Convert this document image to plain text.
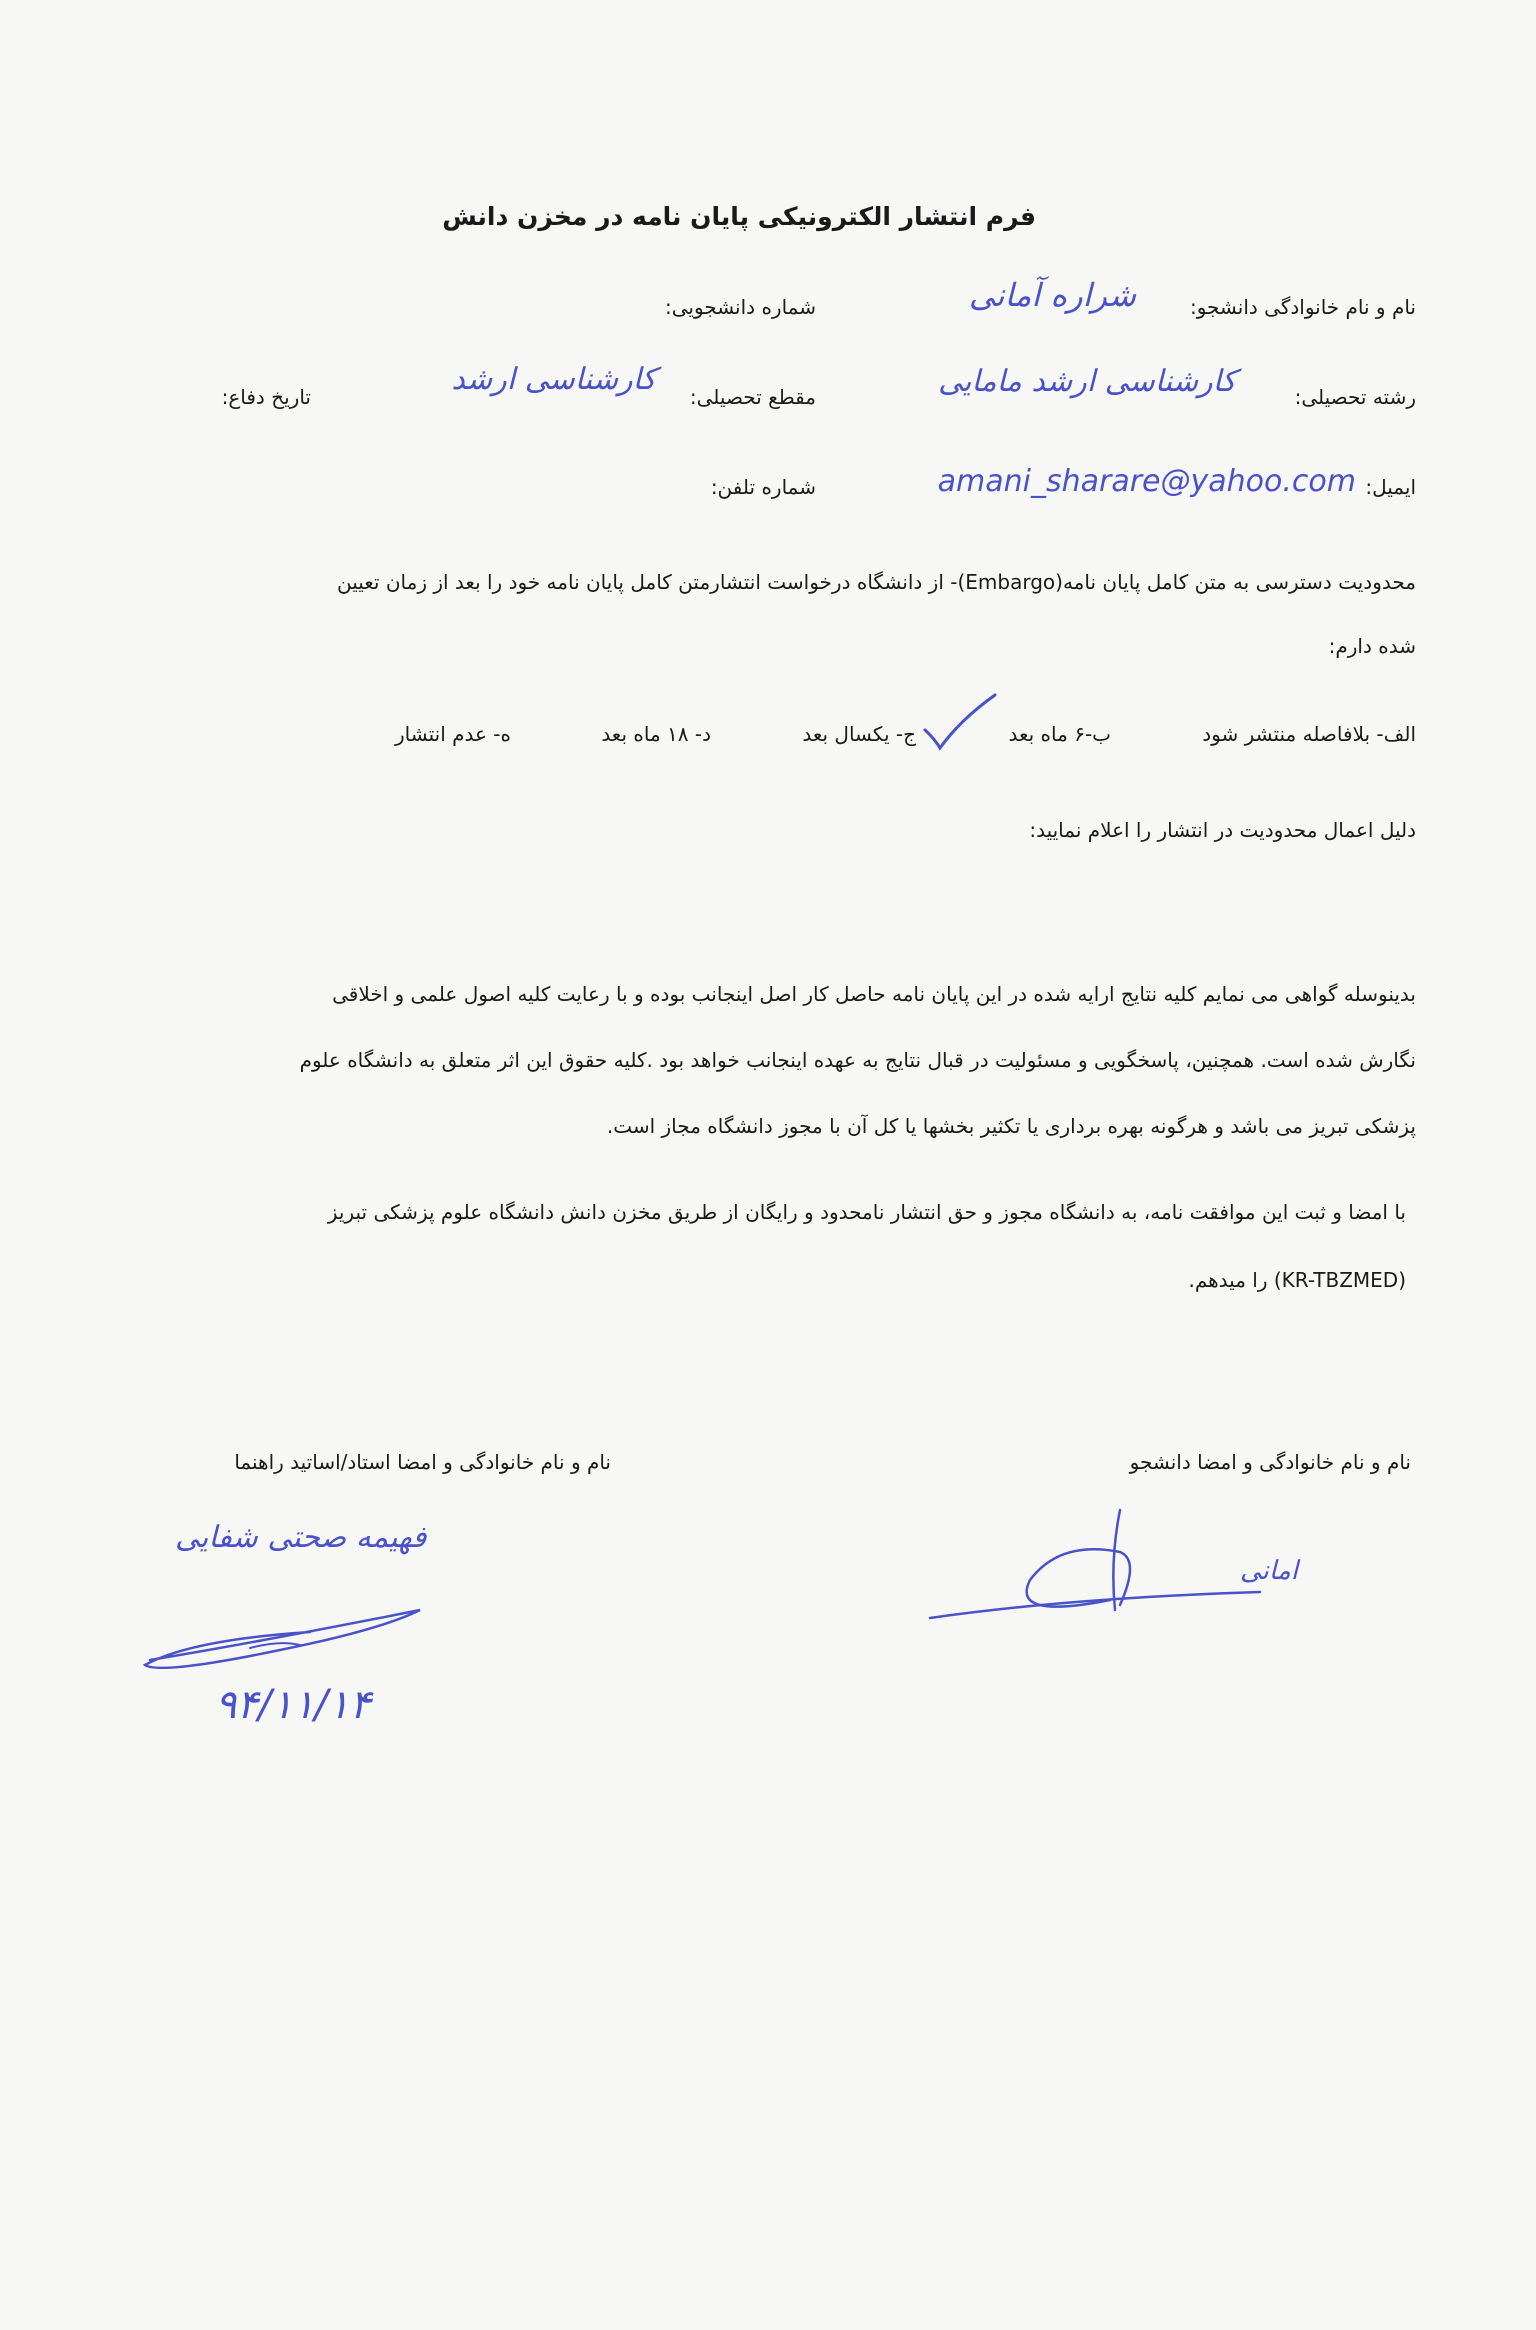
فرم انتشار الکترونیکی پایان نامه در مخزن دانش
نام و نام خانوادگی دانشجو:
شراره آمانی
شماره دانشجویی:
رشته تحصیلی:
کارشناسی ارشد مامایی
مقطع تحصیلی:
کارشناسی ارشد
تاریخ دفاع:
ایمیل:
amani_sharare@yahoo.com
شماره تلفن:
محدودیت دسترسی به متن کامل پایان نامه(Embargo)- از دانشگاه درخواست انتشارمتن کامل پایان نامه خود را بعد از زمان تعیین
شده دارم:
الف- بلافاصله منتشر شود
ب-۶ ماه بعد
ج- یکسال بعد
د- ۱۸ ماه بعد
ه- عدم انتشار
دلیل اعمال محدودیت در انتشار را اعلام نمایید:
بدینوسله گواهی می نمایم کلیه نتایج ارایه شده در این پایان نامه حاصل کار اصل اینجانب بوده و با رعایت کلیه اصول علمی و اخلاقی
نگارش شده است. همچنین، پاسخگویی و مسئولیت در قبال نتایج به عهده اینجانب خواهد بود .کلیه حقوق این اثر متعلق به دانشگاه علوم
پزشکی تبریز می باشد و هرگونه بهره برداری یا تکثیر بخشها یا کل آن با مجوز دانشگاه مجاز است.
با امضا و ثبت این موافقت نامه، به دانشگاه مجوز و حق انتشار نامحدود و رایگان از طریق مخزن دانش دانشگاه علوم پزشکی تبریز
(KR-TBZMED) را میدهم.
نام و نام خانوادگی و امضا دانشجو
نام و نام خانوادگی و امضا استاد/اساتید راهنما
امانی
فهیمه صحتی شفایی
۹۴/۱۱/۱۴
